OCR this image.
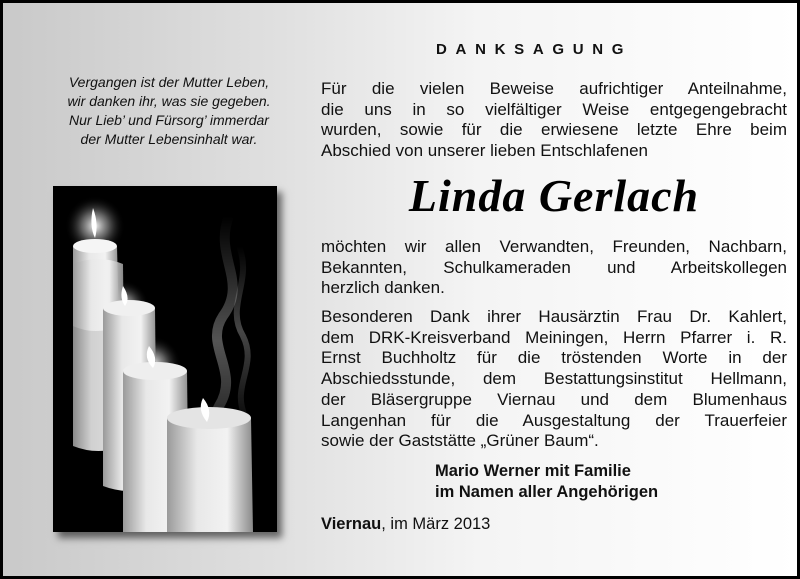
Vergangen ist der Mutter Leben,
wir danken ihr, was sie gegeben.
Nur Lieb’ und Fürsorg’ immerdar
der Mutter Lebensinhalt war.
DANKSAGUNG
Für die vielen Beweise aufrichtiger Anteilnahme,
die uns in so vielfältiger Weise entgegengebracht
wurden, sowie für die erwiesene letzte Ehre beim
Abschied von unserer lieben Entschlafenen
Linda Gerlach
möchten wir allen Verwandten, Freunden, Nachbarn,
Bekannten, Schulkameraden und Arbeitskollegen
herzlich danken.
Besonderen Dank ihrer Hausärztin Frau Dr. Kahlert,
dem DRK-Kreisverband Meiningen, Herrn Pfarrer i. R.
Ernst Buchholtz für die tröstenden Worte in der
Abschiedsstunde, dem Bestattungsinstitut Hellmann,
der Bläsergruppe Viernau und dem Blumenhaus
Langenhan für die Ausgestaltung der Trauerfeier
sowie der Gaststätte „Grüner Baum“.
Mario Werner mit Familie
im Namen aller Angehörigen
Viernau, im März 2013
